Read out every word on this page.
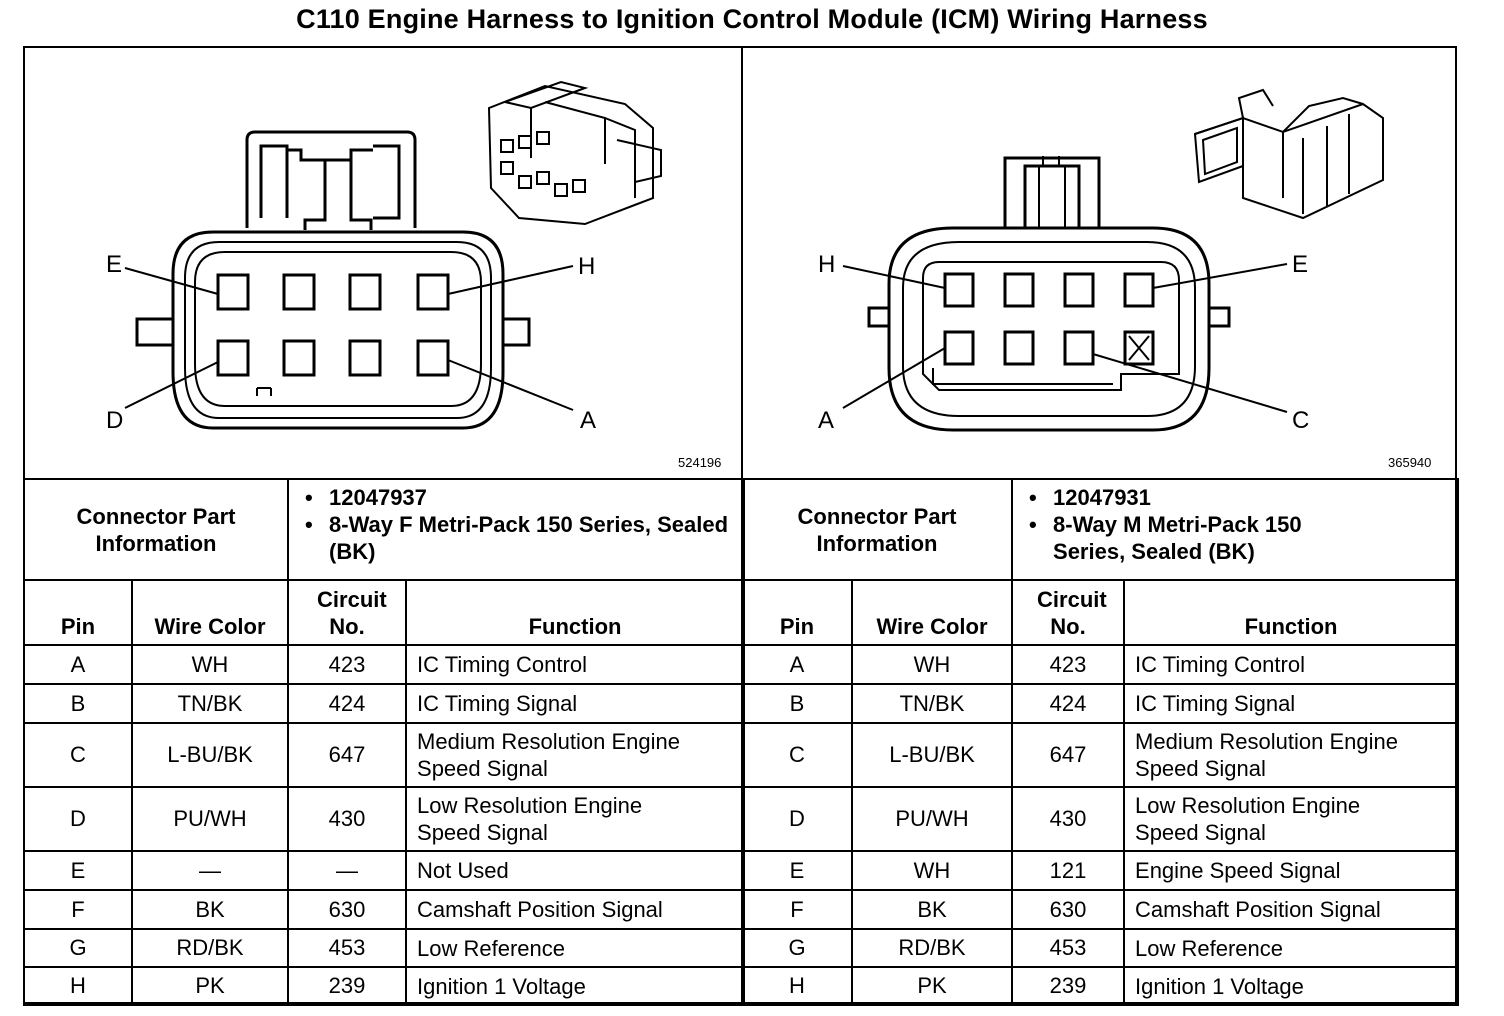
C110 Engine Harness to Ignition Control Module (ICM) Wiring Harness
E	H
D	A
524196
H	E
A	C
365940
Connector Part Information		• 12047937
• 8-Way F Metri-Pack 150 Series, Sealed (BK)

Pin	Wire Color	Circuit No.	Function
A	WH	423	IC Timing Control
B	TN/BK	424	IC Timing Signal
C	L-BU/BK	647	Medium Resolution Engine Speed Signal
D	PU/WH	430	Low Resolution Engine Speed Signal
E	—	—	Not Used
F	BK	630	Camshaft Position Signal
G	RD/BK	453	Low Reference
H	PK	239	Ignition 1 Voltage
Connector Part Information		• 12047931
• 8-Way M Metri-Pack 150 Series, Sealed (BK)

Pin	Wire Color	Circuit No.	Function
A	WH	423	IC Timing Control
B	TN/BK	424	IC Timing Signal
C	L-BU/BK	647	Medium Resolution Engine Speed Signal
D	PU/WH	430	Low Resolution Engine Speed Signal
E	WH	121	Engine Speed Signal
F	BK	630	Camshaft Position Signal
G	RD/BK	453	Low Reference
H	PK	239	Ignition 1 Voltage
